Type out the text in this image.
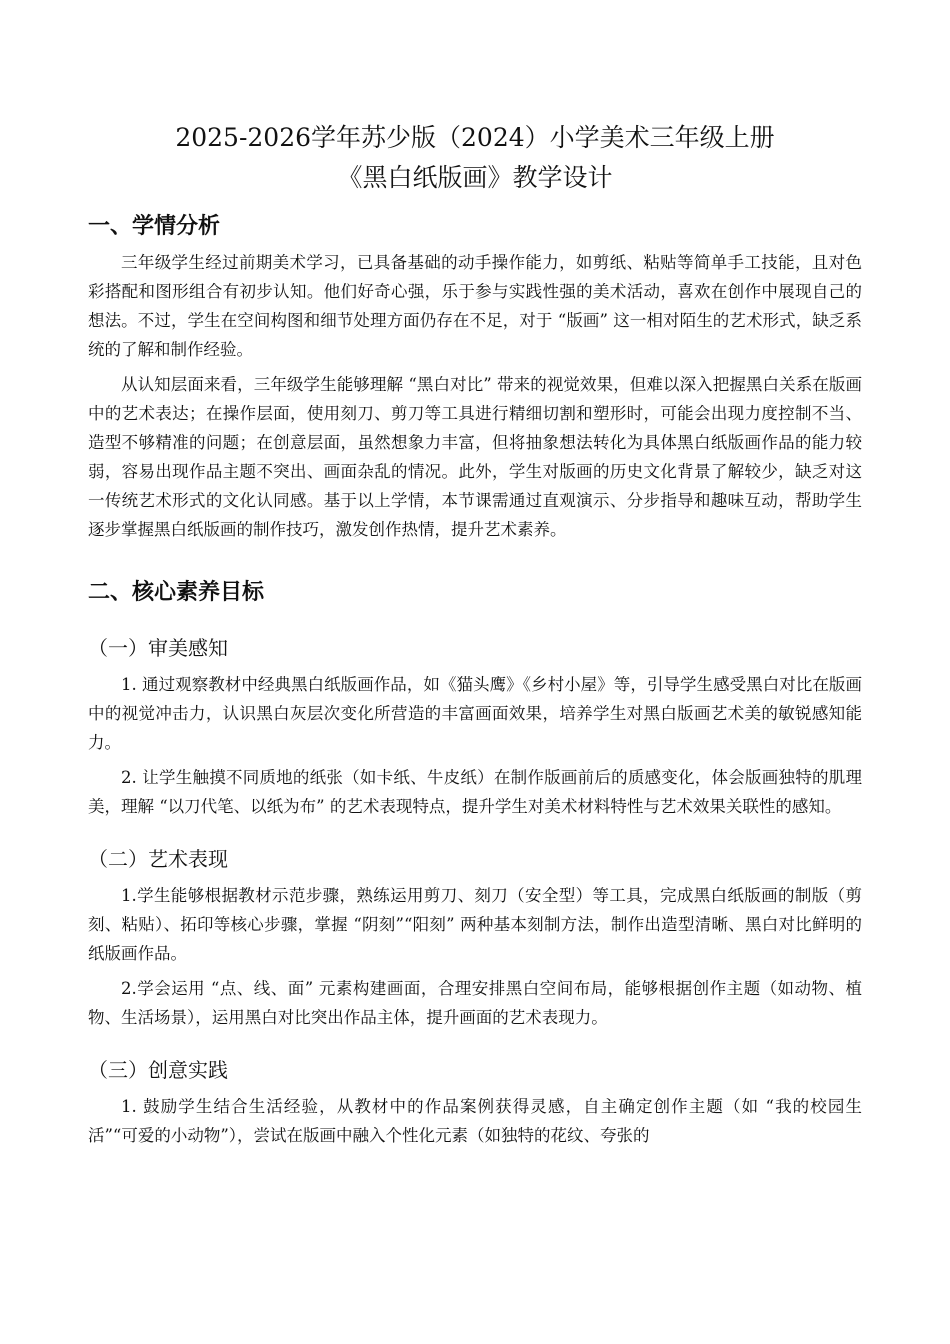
2025-2026学年苏少版（2024）小学美术三年级上册
《黑白纸版画》教学设计
一、学情分析

三年级学生经过前期美术学习，已具备基础的动手操作能力，如剪纸、粘贴等简单手工技能，且对色彩搭配和图形组合有初步认知。他们好奇心强，乐于参与实践性强的美术活动，喜欢在创作中展现自己的想法。不过，学生在空间构图和细节处理方面仍存在不足，对于 “版画” 这一相对陌生的艺术形式，缺乏系统的了解和制作经验。

从认知层面来看，三年级学生能够理解 “黑白对比” 带来的视觉效果，但难以深入把握黑白关系在版画中的艺术表达；在操作层面，使用刻刀、剪刀等工具进行精细切割和塑形时，可能会出现力度控制不当、造型不够精准的问题；在创意层面，虽然想象力丰富，但将抽象想法转化为具体黑白纸版画作品的能力较弱，容易出现作品主题不突出、画面杂乱的情况。此外，学生对版画的历史文化背景了解较少，缺乏对这一传统艺术形式的文化认同感。基于以上学情，本节课需通过直观演示、分步指导和趣味互动，帮助学生逐步掌握黑白纸版画的制作技巧，激发创作热情，提升艺术素养。

二、核心素养目标
（一）审美感知

1. 通过观察教材中经典黑白纸版画作品，如《猫头鹰》《乡村小屋》等，引导学生感受黑白对比在版画中的视觉冲击力，认识黑白灰层次变化所营造的丰富画面效果，培养学生对黑白版画艺术美的敏锐感知能力。

2. 让学生触摸不同质地的纸张（如卡纸、牛皮纸）在制作版画前后的质感变化，体会版画独特的肌理美，理解 “以刀代笔、以纸为布” 的艺术表现特点，提升学生对美术材料特性与艺术效果关联性的感知。

（二）艺术表现

1.学生能够根据教材示范步骤，熟练运用剪刀、刻刀（安全型）等工具，完成黑白纸版画的制版（剪刻、粘贴）、拓印等核心步骤，掌握 “阴刻”“阳刻” 两种基本刻制方法，制作出造型清晰、黑白对比鲜明的纸版画作品。

2.学会运用 “点、线、面” 元素构建画面，合理安排黑白空间布局，能够根据创作主题（如动物、植物、生活场景），运用黑白对比突出作品主体，提升画面的艺术表现力。

（三）创意实践

1. 鼓励学生结合生活经验，从教材中的作品案例获得灵感，自主确定创作主题（如 “我的校园生活”“可爱的小动物”），尝试在版画中融入个性化元素（如独特的花纹、夸张的
